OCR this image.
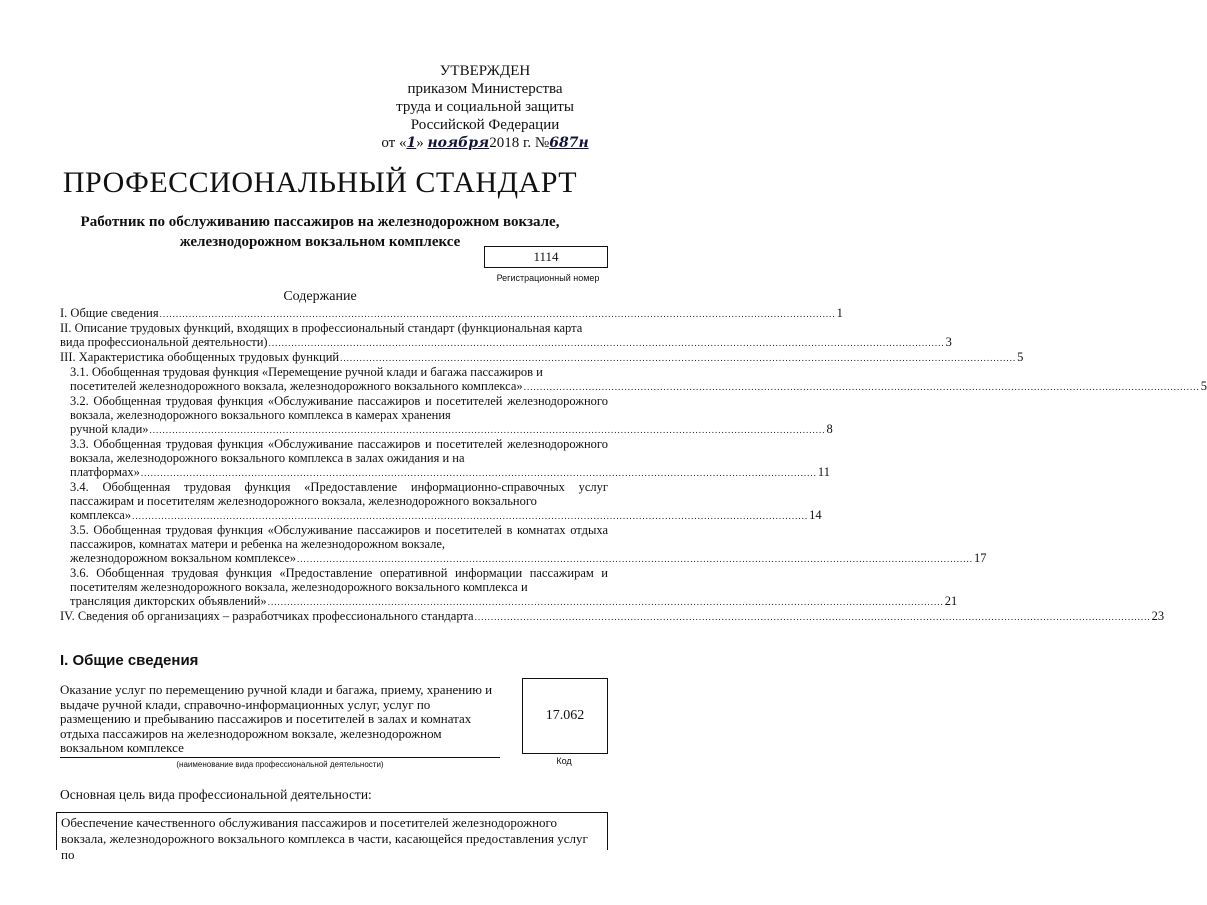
УТВЕРЖДЕН
приказом Министерства
труда и социальной защиты
Российской Федерации
от «1» ноября2018 г. №687н
ПРОФЕССИОНАЛЬНЫЙ СТАНДАРТ
Работник по обслуживанию пассажиров на железнодорожном вокзале,
железнодорожном вокзальном комплексе
1114
Регистрационный номер
Содержание
I. Общие сведения ................................................................................................................................................................................................................ 1
II. Описание трудовых функций, входящих в профессиональный стандарт (функциональная карта
вида профессиональной деятельности) ................................................................................................................................................................................................................ 3
III. Характеристика обобщенных трудовых функций ................................................................................................................................................................................................................ 5
3.1. Обобщенная трудовая функция «Перемещение ручной клади и багажа пассажиров и
посетителей железнодорожного вокзала, железнодорожного вокзального комплекса» ................................................................................................................................................................................................................ 5
3.2. Обобщенная трудовая функция «Обслуживание пассажиров и посетителей железнодорожного вокзала, железнодорожного вокзального комплекса в камерах хранения
ручной клади» ................................................................................................................................................................................................................ 8
3.3. Обобщенная трудовая функция «Обслуживание пассажиров и посетителей железнодорожного вокзала, железнодорожного вокзального комплекса в залах ожидания и на
платформах» ................................................................................................................................................................................................................ 11
3.4. Обобщенная трудовая функция «Предоставление информационно-справочных услуг пассажирам и посетителям железнодорожного вокзала, железнодорожного вокзального
комплекса» ................................................................................................................................................................................................................ 14
3.5. Обобщенная трудовая функция «Обслуживание пассажиров и посетителей в комнатах отдыха пассажиров, комнатах матери и ребенка на железнодорожном вокзале,
железнодорожном вокзальном комплексе» ................................................................................................................................................................................................................ 17
3.6. Обобщенная трудовая функция «Предоставление оперативной информации пассажирам и посетителям железнодорожного вокзала, железнодорожного вокзального комплекса и
трансляция дикторских объявлений» ................................................................................................................................................................................................................ 21
IV. Сведения об организациях – разработчиках профессионального стандарта ................................................................................................................................................................................................................ 23
I. Общие сведения
Оказание услуг по перемещению ручной клади и багажа, приему, хранению и выдаче ручной клади, справочно-информационных услуг, услуг по размещению и пребыванию пассажиров и посетителей в залах и комнатах отдыха пассажиров на железнодорожном вокзале, железнодорожном вокзальном комплексе
(наименование вида профессиональной деятельности)
17.062
Код
Основная цель вида профессиональной деятельности:
Обеспечение качественного обслуживания пассажиров и посетителей железнодорожного вокзала, железнодорожного вокзального комплекса в части, касающейся предоставления услуг по
